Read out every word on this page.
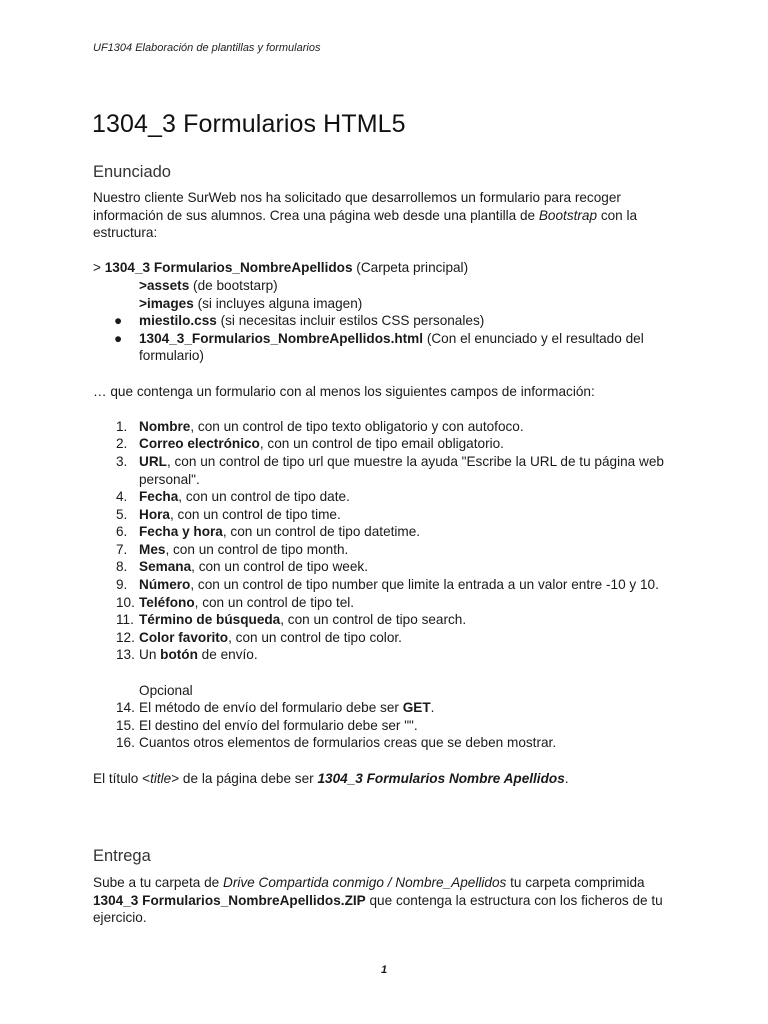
UF1304 Elaboración de plantillas y formularios
1304_3 Formularios HTML5
Enunciado

Nuestro cliente SurWeb nos ha solicitado que desarrollemos un formulario para recoger información de sus alumnos. Crea una página web desde una plantilla de Bootstrap con la estructura:

> 1304_3 Formularios_NombreApellidos (Carpeta principal)

>assets (de bootstarp)

>images (si incluyes alguna imagen)

●	miestilo.css (si necesitas incluir estilos CSS personales)
●	1304_3_Formularios_NombreApellidos.html (Con el enunciado y el resultado del formulario)

… que contenga un formulario con al menos los siguientes campos de información:

1. Nombre, con un control de tipo texto obligatorio y con autofoco.
2. Correo electrónico, con un control de tipo email obligatorio.
3. URL, con un control de tipo url que muestre la ayuda "Escribe la URL de tu página web personal".
4. Fecha, con un control de tipo date.
5. Hora, con un control de tipo time.
6. Fecha y hora, con un control de tipo datetime.
7. Mes, con un control de tipo month.
8. Semana, con un control de tipo week.
9. Número, con un control de tipo number que limite la entrada a un valor entre -10 y 10.
10. Teléfono, con un control de tipo tel.
11. Término de búsqueda, con un control de tipo search.
12. Color favorito, con un control de tipo color.
13. Un botón de envío.

Opcional

14. El método de envío del formulario debe ser GET.
15. El destino del envío del formulario debe ser "".
16. Cuantos otros elementos de formularios creas que se deben mostrar.

El título <title> de la página debe ser 1304_3 Formularios Nombre Apellidos.

Entrega

Sube a tu carpeta de Drive Compartida conmigo / Nombre_Apellidos tu carpeta comprimida 1304_3 Formularios_NombreApellidos.ZIP que contenga la estructura con los ficheros de tu ejercicio.

1
